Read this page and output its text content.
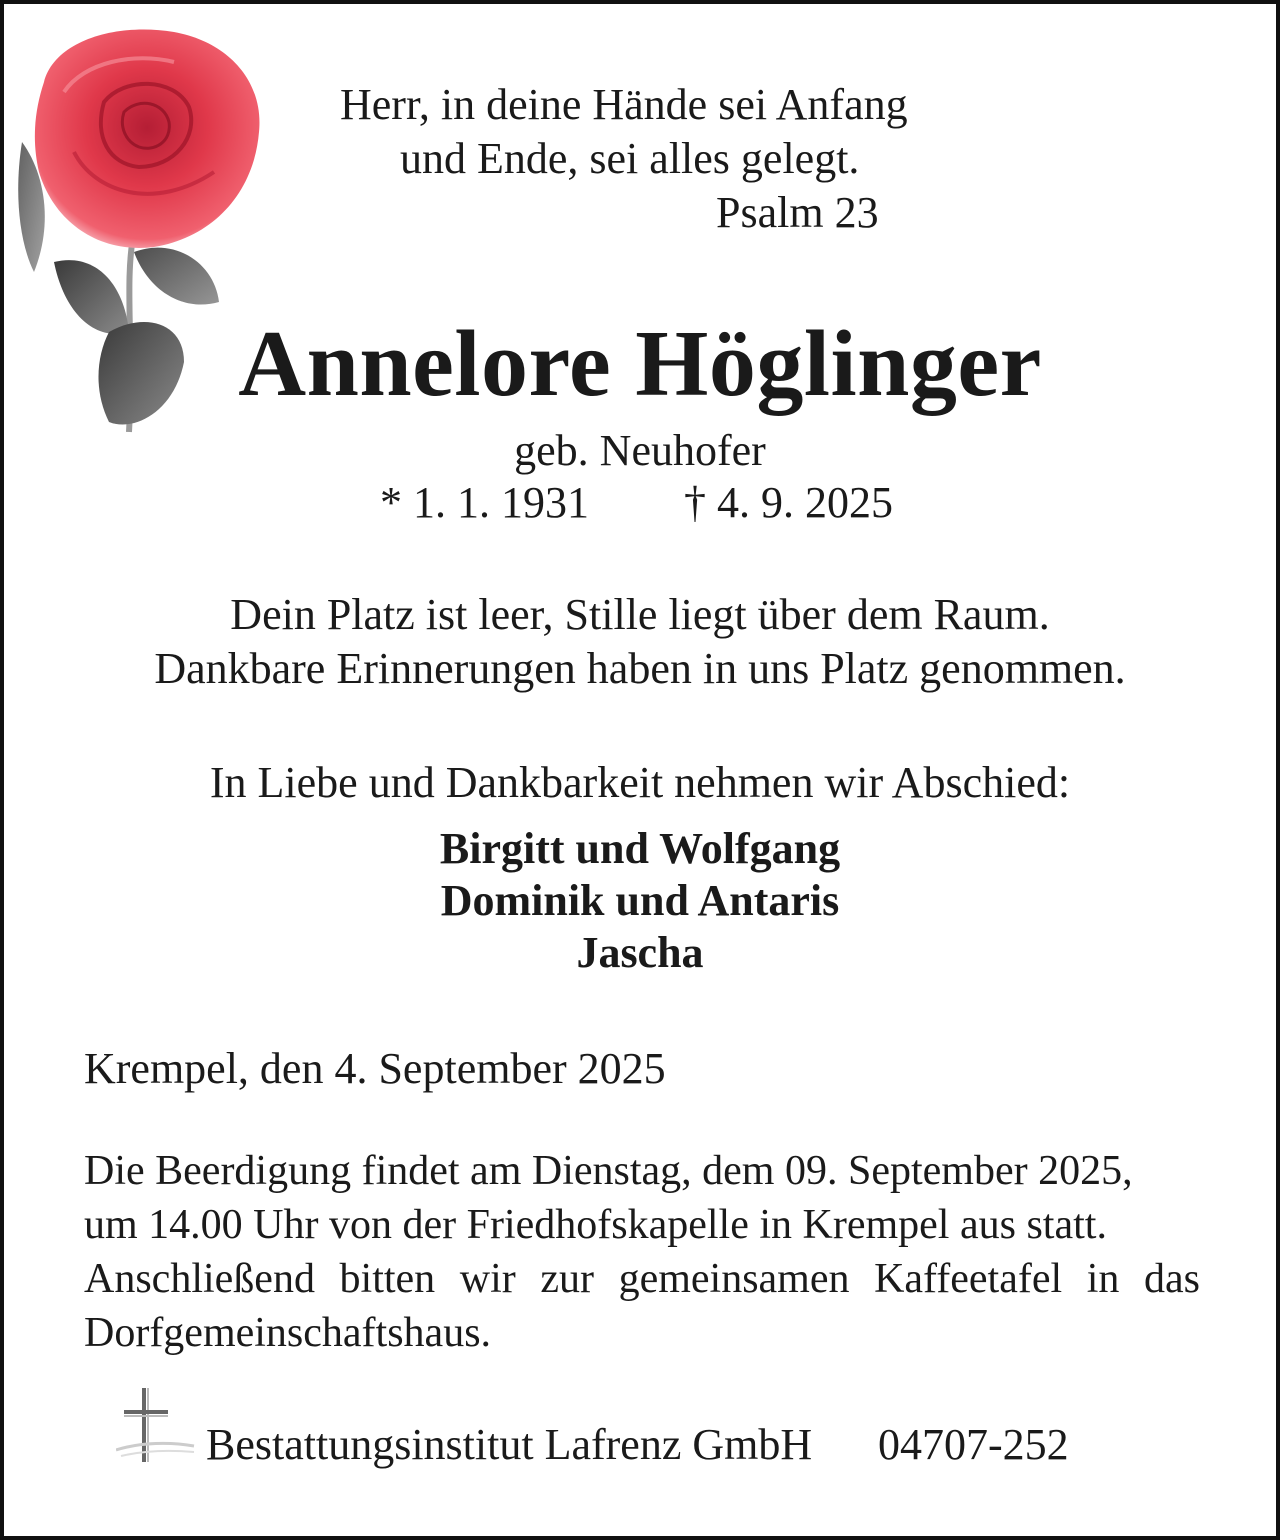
Herr, in deine Hände sei Anfang

und Ende, sei alles gelegt.

Psalm 23

Annelore Höglinger

geb. Neuhofer

* 1. 1. 1931 † 4. 9. 2025

Dein Platz ist leer, Stille liegt über dem Raum.

Dankbare Erinnerungen haben in uns Platz genommen.

In Liebe und Dankbarkeit nehmen wir Abschied:

Birgitt und Wolfgang

Dominik und Antaris

Jascha

Krempel, den 4. September 2025

Die Beerdigung findet am Dienstag, dem 09. September 2025,
um 14.00 Uhr von der Friedhofskapelle in Krempel aus statt.
Anschließend bitten wir zur gemeinsamen Kaffeetafel in das
Dorfgemeinschaftshaus.

Bestattungsinstitut Lafrenz GmbH 04707-252
